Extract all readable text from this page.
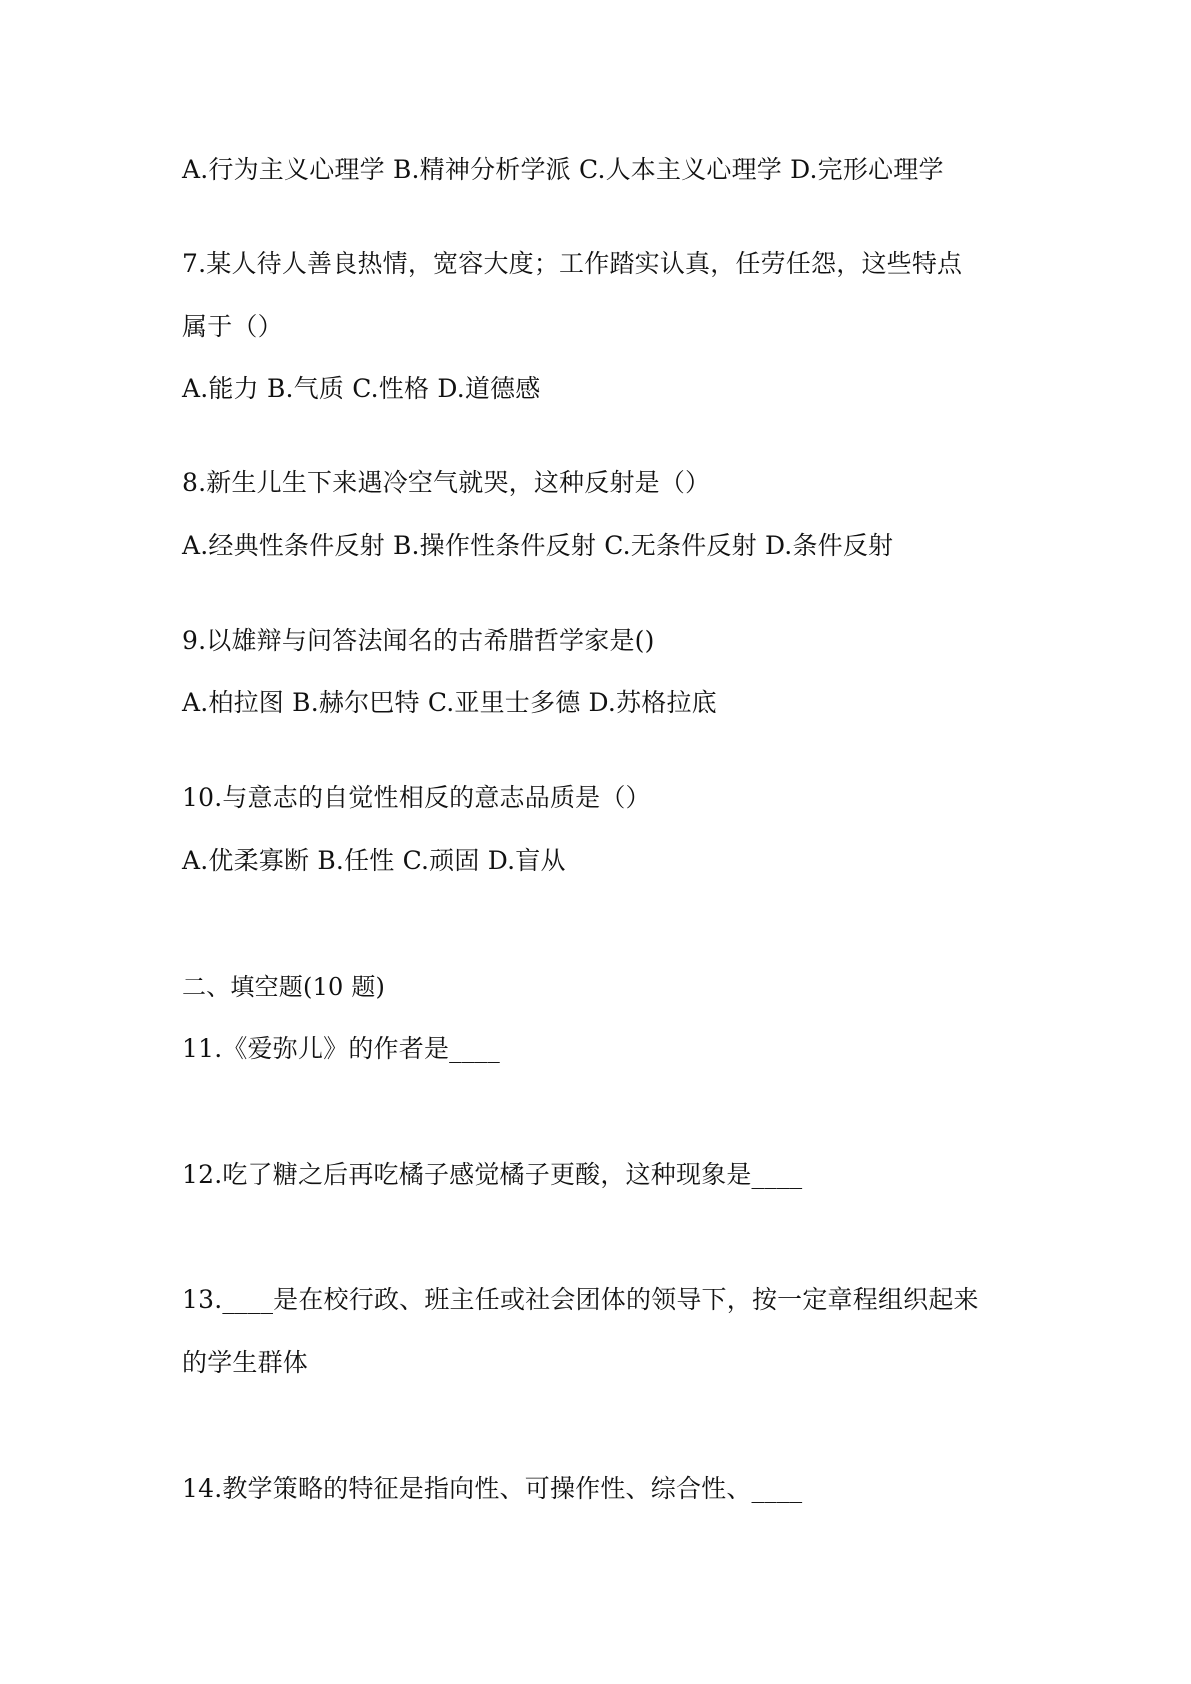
A.行为主义心理学 B.精神分析学派 C.人本主义心理学 D.完形心理学

7.某人待人善良热情，宽容大度；工作踏实认真，任劳任怨，这些特点

属于（）

A.能力 B.气质 C.性格 D.道德感

8.新生儿生下来遇冷空气就哭，这种反射是（）

A.经典性条件反射 B.操作性条件反射 C.无条件反射 D.条件反射

9.以雄辩与问答法闻名的古希腊哲学家是()

A.柏拉图 B.赫尔巴特 C.亚里士多德 D.苏格拉底

10.与意志的自觉性相反的意志品质是（）

A.优柔寡断 B.任性 C.顽固 D.盲从

二、填空题(10 题)

11.《爱弥儿》的作者是____

12.吃了糖之后再吃橘子感觉橘子更酸，这种现象是____

13.____是在校行政、班主任或社会团体的领导下，按一定章程组织起来

的学生群体

14.教学策略的特征是指向性、可操作性、综合性、____
